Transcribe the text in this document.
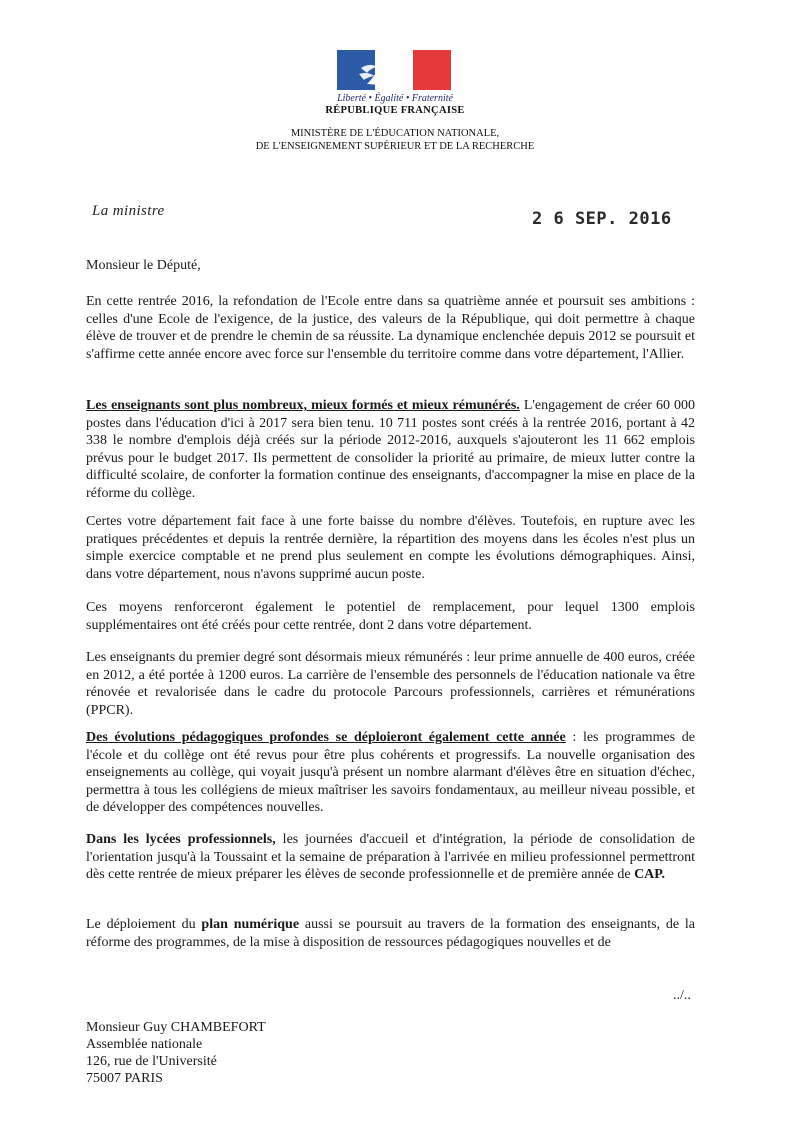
Liberté • Égalité • Fraternité
RÉPUBLIQUE FRANÇAISE
MINISTÈRE DE L'ÉDUCATION NATIONALE,
DE L'ENSEIGNEMENT SUPÉRIEUR ET DE LA RECHERCHE
La ministre	2 6 SEP. 2016
Monsieur le Député,
En cette rentrée 2016, la refondation de l'Ecole entre dans sa quatrième année et poursuit ses ambitions : celles d'une Ecole de l'exigence, de la justice, des valeurs de la République, qui doit permettre à chaque élève de trouver et de prendre le chemin de sa réussite. La dynamique enclenchée depuis 2012 se poursuit et s'affirme cette année encore avec force sur l'ensemble du territoire comme dans votre département, l'Allier.
Les enseignants sont plus nombreux, mieux formés et mieux rémunérés. L'engagement de créer 60 000 postes dans l'éducation d'ici à 2017 sera bien tenu. 10 711 postes sont créés à la rentrée 2016, portant à 42 338 le nombre d'emplois déjà créés sur la période 2012-2016, auxquels s'ajouteront les 11 662 emplois prévus pour le budget 2017. Ils permettent de consolider la priorité au primaire, de mieux lutter contre la difficulté scolaire, de conforter la formation continue des enseignants, d'accompagner la mise en place de la réforme du collège.
Certes votre département fait face à une forte baisse du nombre d'élèves. Toutefois, en rupture avec les pratiques précédentes et depuis la rentrée dernière, la répartition des moyens dans les écoles n'est plus un simple exercice comptable et ne prend plus seulement en compte les évolutions démographiques. Ainsi, dans votre département, nous n'avons supprimé aucun poste.
Ces moyens renforceront également le potentiel de remplacement, pour lequel 1300 emplois supplémentaires ont été créés pour cette rentrée, dont 2 dans votre département.
Les enseignants du premier degré sont désormais mieux rémunérés : leur prime annuelle de 400 euros, créée en 2012, a été portée à 1200 euros. La carrière de l'ensemble des personnels de l'éducation nationale va être rénovée et revalorisée dans le cadre du protocole Parcours professionnels, carrières et rémunérations (PPCR).
Des évolutions pédagogiques profondes se déploieront également cette année : les programmes de l'école et du collège ont été revus pour être plus cohérents et progressifs. La nouvelle organisation des enseignements au collège, qui voyait jusqu'à présent un nombre alarmant d'élèves être en situation d'échec, permettra à tous les collégiens de mieux maîtriser les savoirs fondamentaux, au meilleur niveau possible, et de développer des compétences nouvelles.
Dans les lycées professionnels, les journées d'accueil et d'intégration, la période de consolidation de l'orientation jusqu'à la Toussaint et la semaine de préparation à l'arrivée en milieu professionnel permettront dès cette rentrée de mieux préparer les élèves de seconde professionnelle et de première année de CAP.
Le déploiement du plan numérique aussi se poursuit au travers de la formation des enseignants, de la réforme des programmes, de la mise à disposition de ressources pédagogiques nouvelles et de
../..
Monsieur Guy CHAMBEFORT
Assemblée nationale
126, rue de l'Université
75007 PARIS
